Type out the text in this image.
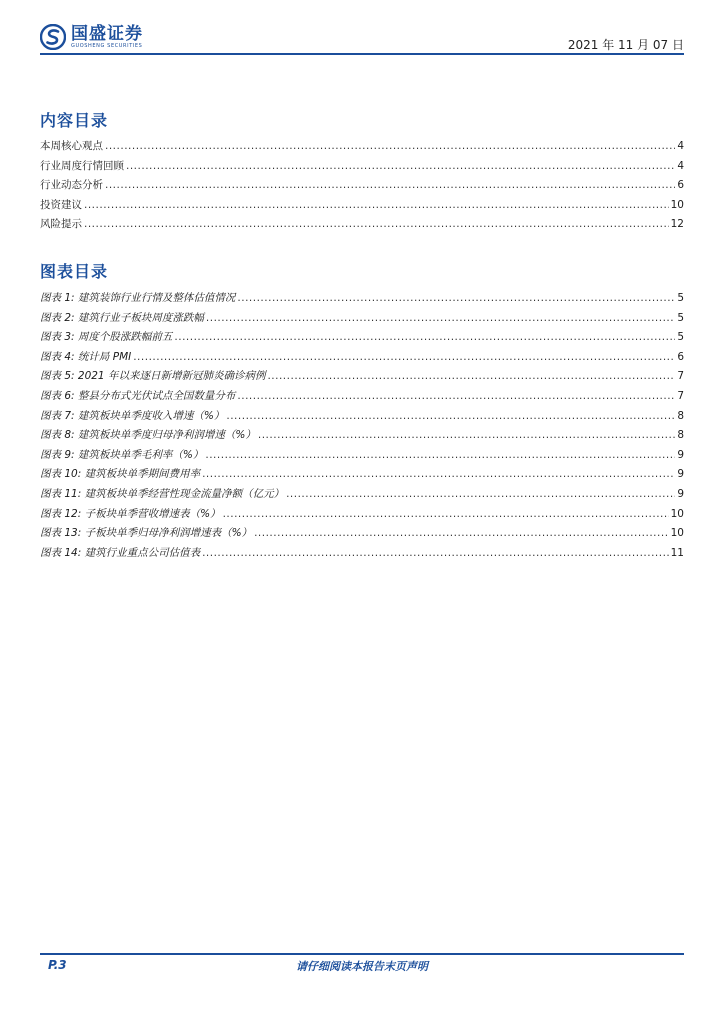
国盛证券
GUOSHENG SECURITIES	2021 年 11 月 07 日
内容目录
本周核心观点 .....	4
行业周度行情回顾 .....	4
行业动态分析 .....	6
投资建议 .....	10
风险提示 .....	12
图表目录
图表 1: 建筑装饰行业行情及整体估值情况 .....	5
图表 2: 建筑行业子板块周度涨跌幅 .....	5
图表 3: 周度个股涨跌幅前五 .....	5
图表 4: 统计局 PMI .....	6
图表 5: 2021 年以来逐日新增新冠肺炎确诊病例 .....	7
图表 6: 整县分布式光伏试点全国数量分布 .....	7
图表 7: 建筑板块单季度收入增速（%） .....	8
图表 8: 建筑板块单季度归母净利润增速（%） .....	8
图表 9: 建筑板块单季毛利率（%） .....	9
图表 10: 建筑板块单季期间费用率 .....	9
图表 11: 建筑板块单季经营性现金流量净额（亿元） .....	9
图表 12: 子板块单季营收增速表（%） .....	10
图表 13: 子板块单季归母净利润增速表（%） .....	10
图表 14: 建筑行业重点公司估值表 .....	11
请仔细阅读本报告末页声明
P.3
